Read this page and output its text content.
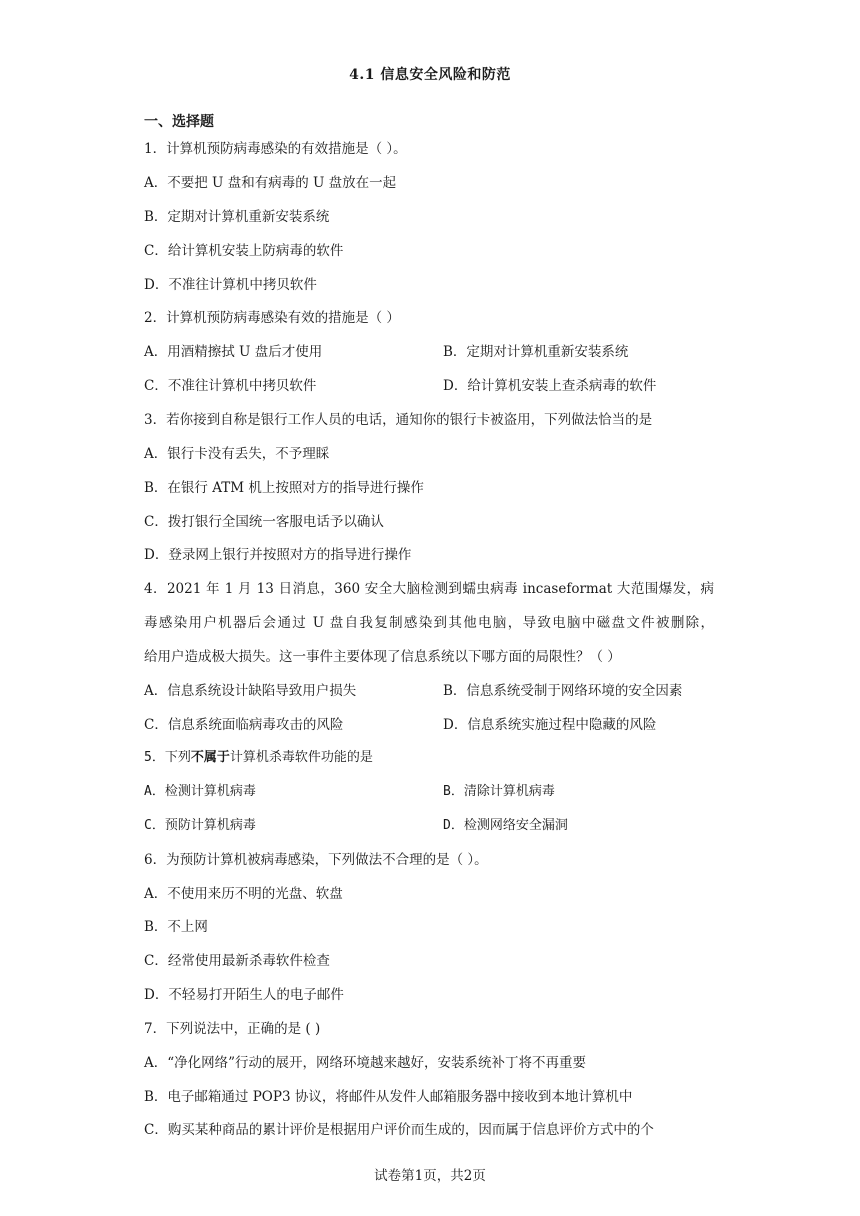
4.1 信息安全风险和防范
一、选择题
1．计算机预防病毒感染的有效措施是（ ）。
A．不要把 U 盘和有病毒的 U 盘放在一起
B．定期对计算机重新安装系统
C．给计算机安装上防病毒的软件
D．不准往计算机中拷贝软件
2．计算机预防病毒感染有效的措施是（ ）
A．用酒精擦拭 U 盘后才使用	B．定期对计算机重新安装系统
C．不准往计算机中拷贝软件	D．给计算机安装上查杀病毒的软件
3．若你接到自称是银行工作人员的电话，通知你的银行卡被盗用，下列做法恰当的是
A．银行卡没有丢失，不予理睬
B．在银行 ATM 机上按照对方的指导进行操作
C．拨打银行全国统一客服电话予以确认
D．登录网上银行并按照对方的指导进行操作
4．2021 年 1 月 13 日消息，360 安全大脑检测到蠕虫病毒 incaseformat 大范围爆发，病
毒感染用户机器后会通过 U 盘自我复制感染到其他电脑，导致电脑中磁盘文件被删除，
给用户造成极大损失。这一事件主要体现了信息系统以下哪方面的局限性？（ ）
A．信息系统设计缺陷导致用户损失	B．信息系统受制于网络环境的安全因素
C．信息系统面临病毒攻击的风险	D．信息系统实施过程中隐藏的风险
5．下列不属于计算机杀毒软件功能的是
A．检测计算机病毒	B．清除计算机病毒
C．预防计算机病毒	D．检测网络安全漏洞
6．为预防计算机被病毒感染，下列做法不合理的是（ ）。
A．不使用来历不明的光盘、软盘
B．不上网
C．经常使用最新杀毒软件检查
D．不轻易打开陌生人的电子邮件
7．下列说法中，正确的是 ( )
A．“净化网络”行动的展开，网络环境越来越好，安装系统补丁将不再重要
B．电子邮箱通过 POP3 协议，将邮件从发件人邮箱服务器中接收到本地计算机中
C．购买某种商品的累计评价是根据用户评价而生成的，因而属于信息评价方式中的个
试卷第1页，共2页
